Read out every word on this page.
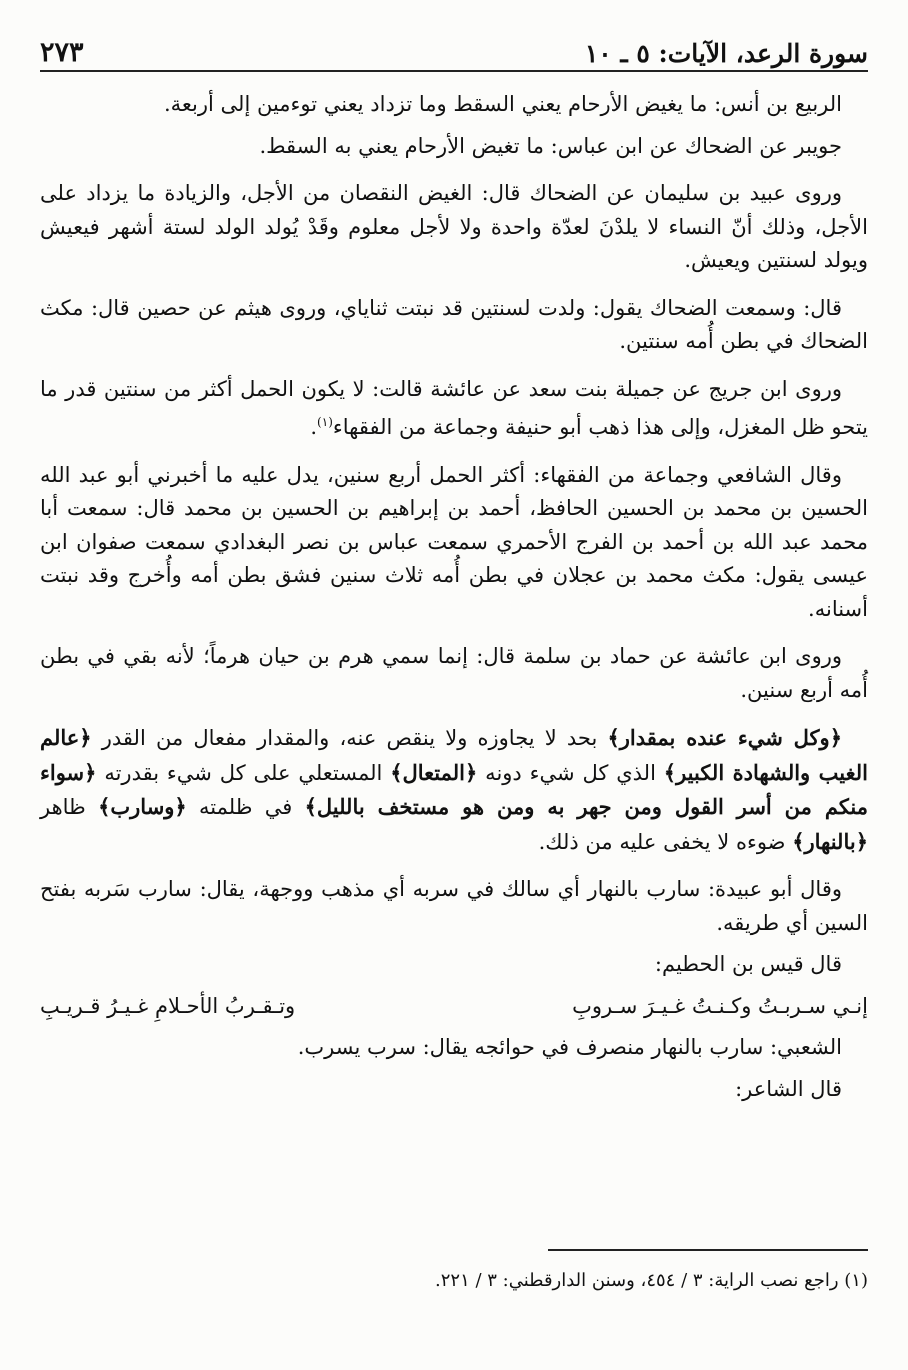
سورة الرعد، الآيات: ٥ ـ ١٠
٢٧٣

الربيع بن أنس: ما يغيض الأرحام يعني السقط وما تزداد يعني توءمين إلى أربعة.

جويبر عن الضحاك عن ابن عباس: ما تغيض الأرحام يعني به السقط.

وروى عبيد بن سليمان عن الضحاك قال: الغيض النقصان من الأجل، والزيادة ما يزداد على الأجل، وذلك أنّ النساء لا يلدْنَ لعدّة واحدة ولا لأجل معلوم وقَدْ يُولد الولد لستة أشهر فيعيش ويولد لسنتين ويعيش.

قال: وسمعت الضحاك يقول: ولدت لسنتين قد نبتت ثناياي، وروى هيثم عن حصين قال: مكث الضحاك في بطن أُمه سنتين.

وروى ابن جريج عن جميلة بنت سعد عن عائشة قالت: لا يكون الحمل أكثر من سنتين قدر ما يتحو ظل المغزل، وإلى هذا ذهب أبو حنيفة وجماعة من الفقهاء$^{(١)}$.

وقال الشافعي وجماعة من الفقهاء: أكثر الحمل أربع سنين، يدل عليه ما أخبرني أبو عبد الله الحسين بن محمد بن الحسين الحافظ، أحمد بن إبراهيم بن الحسين بن محمد قال: سمعت أبا محمد عبد الله بن أحمد بن الفرج الأحمري سمعت عباس بن نصر البغدادي سمعت صفوان ابن عيسى يقول: مكث محمد بن عجلان في بطن أُمه ثلاث سنين فشق بطن أمه وأُخرج وقد نبتت أسنانه.

وروى ابن عائشة عن حماد بن سلمة قال: إنما سمي هرم بن حيان هرماً؛ لأنه بقي في بطن أُمه أربع سنين.

﴿وكل شيء عنده بمقدار﴾ بحد لا يجاوزه ولا ينقص عنه، والمقدار مفعال من القدر ﴿عالم الغيب والشهادة الكبير﴾ الذي كل شيء دونه ﴿المتعال﴾ المستعلي على كل شيء بقدرته ﴿سواء منكم من أسر القول ومن جهر به ومن هو مستخف بالليل﴾ في ظلمته ﴿وسارب﴾ ظاهر ﴿بالنهار﴾ ضوءه لا يخفى عليه من ذلك.

وقال أبو عبيدة: سارب بالنهار أي سالك في سربه أي مذهب ووجهة، يقال: سارب سَربه بفتح السين أي طريقه.

قال قيس بن الحطيم:

إنـي سـربـتُ وكـنـتُ غـيـرَ سـروبِ
وتـقـربُ الأحـلامِ غـيـرُ قـريـبِ

الشعبي: سارب بالنهار منصرف في حوائجه يقال: سرب يسرب.

قال الشاعر:

(١) راجع نصب الراية: ٣ / ٤٥٤، وسنن الدارقطني: ٣ / ٢٢١.
